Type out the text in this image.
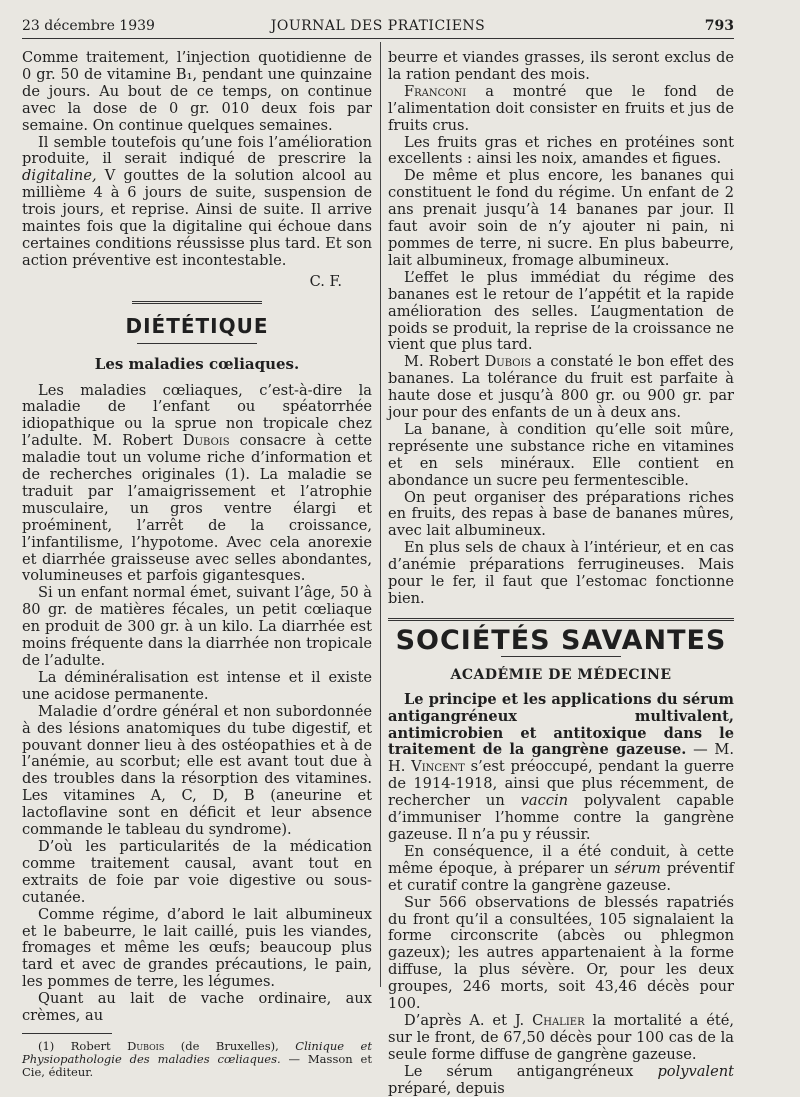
23 décembre 1939	JOURNAL DES PRATICIENS	793

Comme traitement, l’injection quotidienne de 0 gr. 50 de vitamine B₁, pendant une quinzaine de jours. Au bout de ce temps, on continue avec la dose de 0 gr. 010 deux fois par semaine. On continue quelques semaines.

Il semble toutefois qu’une fois l’amélioration produite, il serait indiqué de prescrire la digitaline, V gouttes de la solution alcool au millième 4 à 6 jours de suite, suspension de trois jours, et reprise. Ainsi de suite. Il arrive maintes fois que la digitaline qui échoue dans certaines conditions réussisse plus tard. Et son action préventive est incontestable.

C. F.
DIÉTÉTIQUE
Les maladies cœliaques.

Les maladies cœliaques, c’est-à-dire la maladie de l’enfant ou spéatorrhée idiopathique ou la sprue non tropicale chez l’adulte. M. Robert Dubois consacre à cette maladie tout un volume riche d’information et de recherches originales (1). La maladie se traduit par l’amaigrissement et l’atrophie musculaire, un gros ventre élargi et proéminent, l’arrêt de la croissance, l’infantilisme, l’hypotome. Avec cela anorexie et diarrhée graisseuse avec selles abondantes, volumineuses et parfois gigantesques.

Si un enfant normal émet, suivant l’âge, 50 à 80 gr. de matières fécales, un petit cœliaque en produit de 300 gr. à un kilo. La diarrhée est moins fréquente dans la diarrhée non tropicale de l’adulte.

La déminéralisation est intense et il existe une acidose permanente.

Maladie d’ordre général et non subordonnée à des lésions anatomiques du tube digestif, et pouvant donner lieu à des ostéopathies et à de l’anémie, au scorbut; elle est avant tout due à des troubles dans la résorption des vitamines. Les vitamines A, C, D, B (aneurine et lactoflavine sont en déficit et leur absence commande le tableau du syndrome).

D’où les particularités de la médication comme traitement causal, avant tout en extraits de foie par voie digestive ou sous-cutanée.

Comme régime, d’abord le lait albumineux et le babeurre, le lait caillé, puis les viandes, fromages et même les œufs; beaucoup plus tard et avec de grandes précautions, le pain, les pommes de terre, les légumes.

Quant au lait de vache ordinaire, aux crèmes, au

(1) Robert Dubois (de Bruxelles), Clinique et Physiopathologie des maladies cœliaques. — Masson et Cie, éditeur.

beurre et viandes grasses, ils seront exclus de la ration pendant des mois.

Franconi a montré que le fond de l’alimentation doit consister en fruits et jus de fruits crus.

Les fruits gras et riches en protéines sont excellents : ainsi les noix, amandes et figues.

De même et plus encore, les bananes qui constituent le fond du régime. Un enfant de 2 ans prenait jusqu’à 14 bananes par jour. Il faut avoir soin de n’y ajouter ni pain, ni pommes de terre, ni sucre. En plus babeurre, lait albumineux, fromage albumineux.

L’effet le plus immédiat du régime des bananes est le retour de l’appétit et la rapide amélioration des selles. L’augmentation de poids se produit, la reprise de la croissance ne vient que plus tard.

M. Robert Dubois a constaté le bon effet des bananes. La tolérance du fruit est parfaite à haute dose et jusqu’à 800 gr. ou 900 gr. par jour pour des enfants de un à deux ans.

La banane, à condition qu’elle soit mûre, représente une substance riche en vitamines et en sels minéraux. Elle contient en abondance un sucre peu fermentescible.

On peut organiser des préparations riches en fruits, des repas à base de bananes mûres, avec lait albumineux.

En plus sels de chaux à l’intérieur, et en cas d’anémie préparations ferrugineuses. Mais pour le fer, il faut que l’estomac fonctionne bien.

SOCIÉTÉS SAVANTES
ACADÉMIE DE MÉDECINE

Le principe et les applications du sérum antigangréneux multivalent, antimicrobien et antitoxique dans le traitement de la gangrène gazeuse. — M. H. Vincent s’est préoccupé, pendant la guerre de 1914-1918, ainsi que plus récemment, de rechercher un vaccin polyvalent capable d’immuniser l’homme contre la gangrène gazeuse. Il n’a pu y réussir.

En conséquence, il a été conduit, à cette même époque, à préparer un sérum préventif et curatif contre la gangrène gazeuse.

Sur 566 observations de blessés rapatriés du front qu’il a consultées, 105 signalaient la forme circonscrite (abcès ou phlegmon gazeux); les autres appartenaient à la forme diffuse, la plus sévère. Or, pour les deux groupes, 246 morts, soit 43,46 décès pour 100.

D’après A. et J. Chalier la mortalité a été, sur le front, de 67,50 décès pour 100 cas de la seule forme diffuse de gangrène gazeuse.

Le sérum antigangréneux polyvalent préparé, depuis
